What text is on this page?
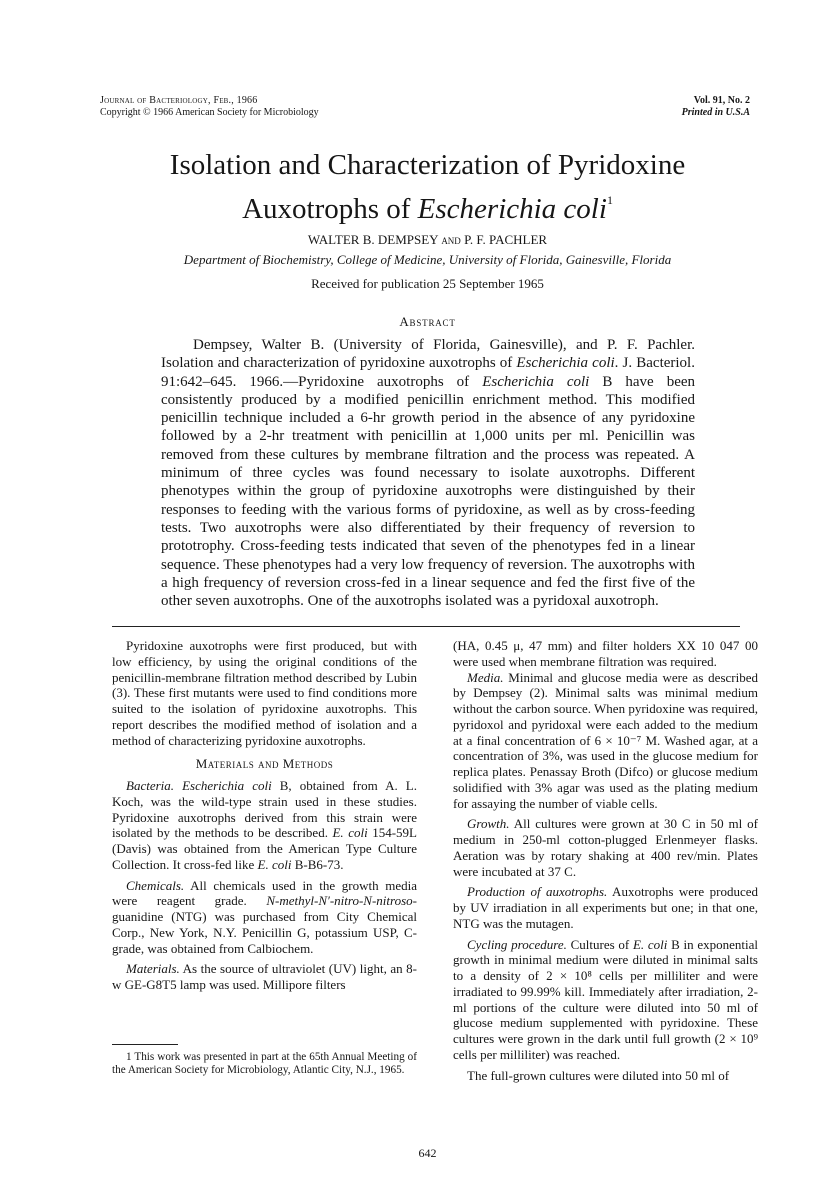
Journal of Bacteriology, Feb., 1966
Copyright © 1966 American Society for Microbiology
Vol. 91, No. 2
Printed in U.S.A
Isolation and Characterization of Pyridoxine
Auxotrophs of Escherichia coli$^1$
WALTER B. DEMPSEY and P. F. PACHLER
Department of Biochemistry, College of Medicine, University of Florida, Gainesville, Florida
Received for publication 25 September 1965
Abstract
Dempsey, Walter B. (University of Florida, Gainesville), and P. F. Pachler. Isolation and characterization of pyridoxine auxotrophs of Escherichia coli. J. Bacteriol. 91:642–645. 1966.—Pyridoxine auxotrophs of Escherichia coli B have been consistently produced by a modified penicillin enrichment method. This modified penicillin technique included a 6-hr growth period in the absence of any pyridoxine followed by a 2-hr treatment with penicillin at 1,000 units per ml. Penicillin was removed from these cultures by membrane filtration and the process was repeated. A minimum of three cycles was found necessary to isolate auxotrophs. Different phenotypes within the group of pyridoxine auxotrophs were distinguished by their responses to feeding with the various forms of pyridoxine, as well as by cross-feeding tests. Two auxotrophs were also differentiated by their frequency of reversion to prototrophy. Cross-feeding tests indicated that seven of the phenotypes fed in a linear sequence. These phenotypes had a very low frequency of reversion. The auxotrophs with a high frequency of reversion cross-fed in a linear sequence and fed the first five of the other seven auxotrophs. One of the auxotrophs isolated was a pyridoxal auxotroph.

Pyridoxine auxotrophs were first produced, but with low efficiency, by using the original conditions of the penicillin-membrane filtration method described by Lubin (3). These first mutants were used to find conditions more suited to the isolation of pyridoxine auxotrophs. This report describes the modified method of isolation and a method of characterizing pyridoxine auxotrophs.

Materials and Methods

Bacteria. Escherichia coli B, obtained from A. L. Koch, was the wild-type strain used in these studies. Pyridoxine auxotrophs derived from this strain were isolated by the methods to be described. E. coli 154-59L (Davis) was obtained from the American Type Culture Collection. It cross-fed like E. coli B-B6-73.

Chemicals. All chemicals used in the growth media were reagent grade. N-methyl-N′-nitro-N-nitroso-guanidine (NTG) was purchased from City Chemical Corp., New York, N.Y. Penicillin G, potassium USP, C-grade, was obtained from Calbiochem.

Materials. As the source of ultraviolet (UV) light, an 8-w GE-G8T5 lamp was used. Millipore filters

1 This work was presented in part at the 65th Annual Meeting of the American Society for Microbiology, Atlantic City, N.J., 1965.

(HA, 0.45 μ, 47 mm) and filter holders XX 10 047 00 were used when membrane filtration was required.

Media. Minimal and glucose media were as described by Dempsey (2). Minimal salts was minimal medium without the carbon source. When pyridoxine was required, pyridoxol and pyridoxal were each added to the medium at a final concentration of 6 × 10⁻⁷ M. Washed agar, at a concentration of 3%, was used in the glucose medium for replica plates. Penassay Broth (Difco) or glucose medium solidified with 3% agar was used as the plating medium for assaying the number of viable cells.

Growth. All cultures were grown at 30 C in 50 ml of medium in 250-ml cotton-plugged Erlenmeyer flasks. Aeration was by rotary shaking at 400 rev/min. Plates were incubated at 37 C.

Production of auxotrophs. Auxotrophs were produced by UV irradiation in all experiments but one; in that one, NTG was the mutagen.

Cycling procedure. Cultures of E. coli B in exponential growth in minimal medium were diluted in minimal salts to a density of 2 × 10⁸ cells per milliliter and were irradiated to 99.99% kill. Immediately after irradiation, 2-ml portions of the culture were diluted into 50 ml of glucose medium supplemented with pyridoxine. These cultures were grown in the dark until full growth (2 × 10⁹ cells per milliliter) was reached.

The full-grown cultures were diluted into 50 ml of

642
